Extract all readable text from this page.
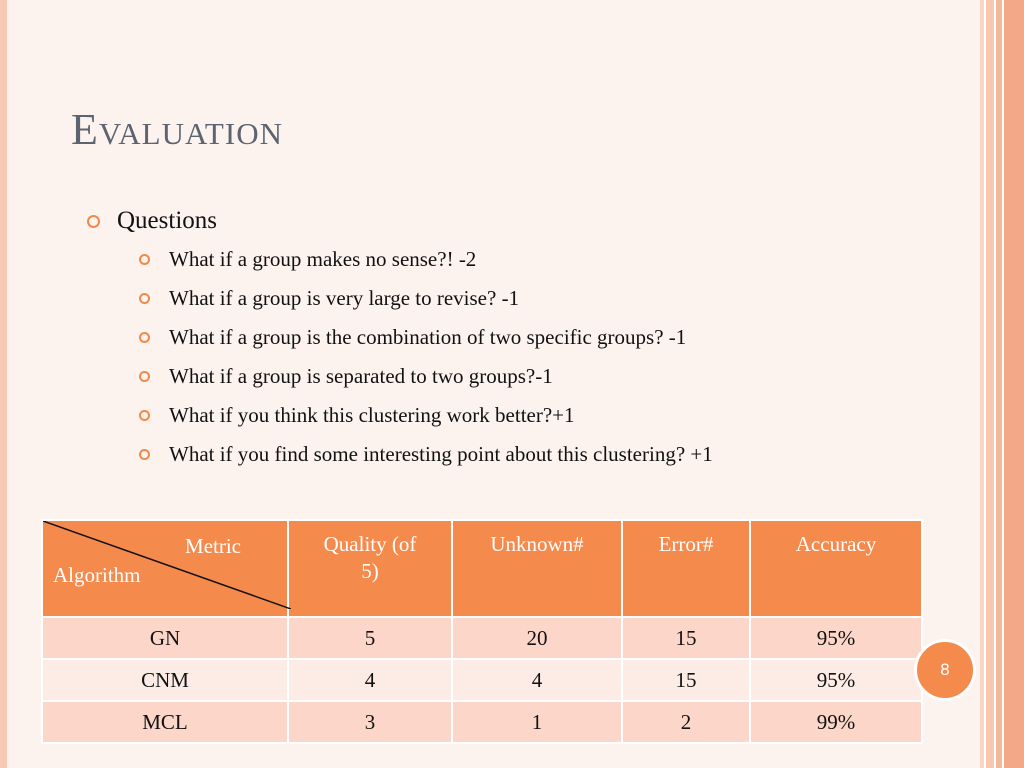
Evaluation
Questions
What if a group makes no sense?! -2
What if a group is very large to revise? -1
What if a group is the combination of two specific groups? -1
What if a group is separated to two groups?-1
What if you think this clustering work better?+1
What if you find some interesting point about this clustering? +1
Metric
Algorithm	Quality (of 5)	Unknown#	Error#	Accuracy
GN	5	20	15	95%
CNM	4	4	15	95%
MCL	3	1	2	99%
8
